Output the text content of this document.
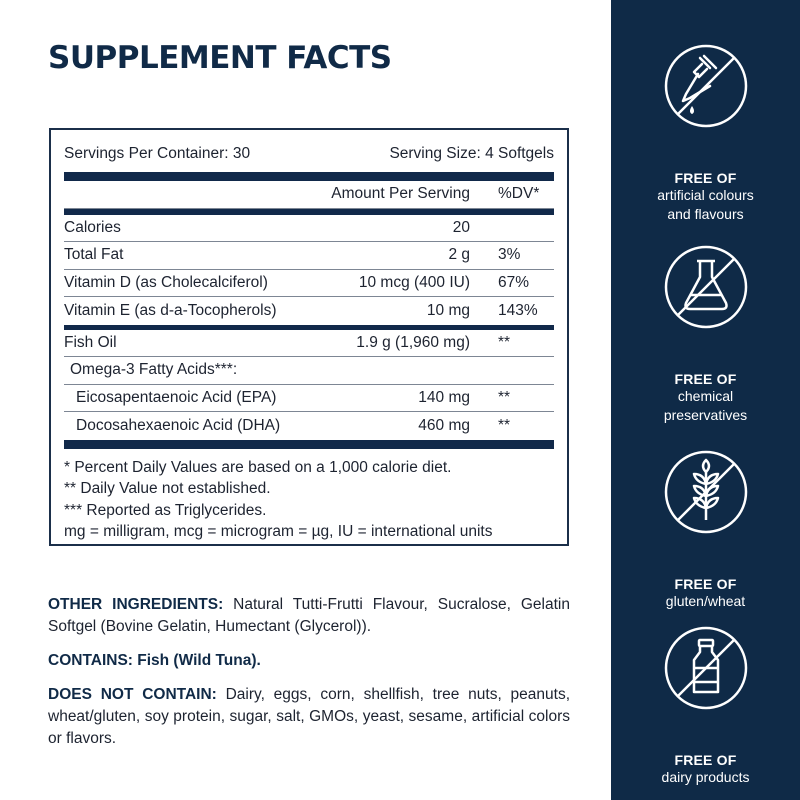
SUPPLEMENT FACTS
Servings Per Container: 30	Serving Size: 4 Softgels
Amount Per Serving	%DV*
Calories	20
Total Fat	2 g	3%
Vitamin D (as Cholecalciferol)	10 mcg (400 IU)	67%
Vitamin E (as d-a-Tocopherols)	10 mg	143%
Fish Oil	1.9 g (1,960 mg)	**
Omega-3 Fatty Acids***:
Eicosapentaenoic Acid (EPA)	140 mg	**
Docosahexaenoic Acid (DHA)	460 mg	**
* Percent Daily Values are based on a 1,000 calorie diet.
** Daily Value not established.
*** Reported as Triglycerides.
mg = milligram, mcg = microgram = µg, IU = international units

OTHER INGREDIENTS: Natural Tutti-Frutti Flavour, Sucralose, Gelatin Softgel (Bovine Gelatin, Humectant (Glycerol)).

CONTAINS: Fish (Wild Tuna).

DOES NOT CONTAIN: Dairy, eggs, corn, shellfish, tree nuts, peanuts, wheat/gluten, soy protein, sugar, salt, GMOs, yeast, sesame, artificial colors or flavors.

FREE OF
artificial colours
and flavours
FREE OF
chemical
preservatives
FREE OF
gluten/wheat
FREE OF
dairy products
